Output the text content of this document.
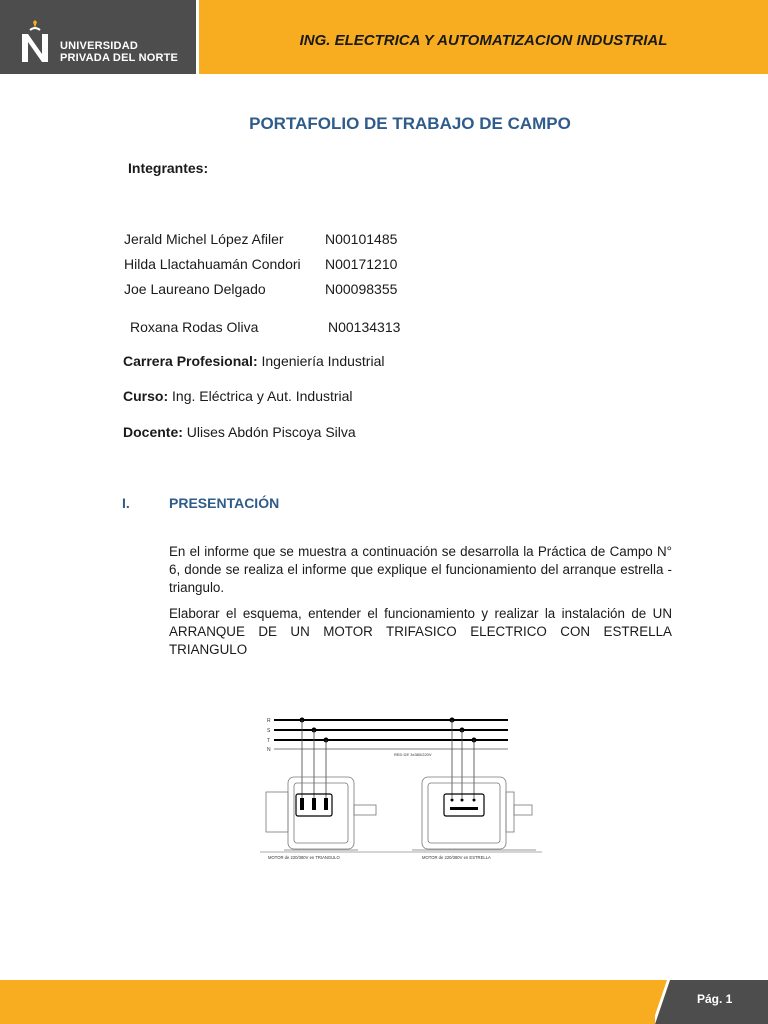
UNIVERSIDAD
PRIVADA DEL NORTE
ING. ELECTRICA Y AUTOMATIZACION INDUSTRIAL
PORTAFOLIO DE TRABAJO DE CAMPO
Integrantes:
Jerald Michel López Afiler	N00101485
Hilda Llactahuamán Condori N00171210
Joe Laureano Delgado	N00098355
Roxana Rodas Oliva	N00134313
Carrera Profesional: Ingeniería Industrial
Curso: Ing. Eléctrica y Aut. Industrial
Docente: Ulises Abdón Piscoya Silva
I.	PRESENTACIÓN
En el informe que se muestra a continuación se desarrolla la Práctica de Campo N° 6, donde se realiza el informe que explique el funcionamiento del arranque estrella - triangulo.
Elaborar el esquema, entender el funcionamiento y realizar la instalación de UN ARRANQUE DE UN MOTOR TRIFASICO ELECTRICO CON ESTRELLA TRIANGULO
R
S
T
N
RED DE 3x380/220V
MOTOR de 220/380V en TRIANGULO	MOTOR de 220/380V en ESTRELLA
Pág. 1
